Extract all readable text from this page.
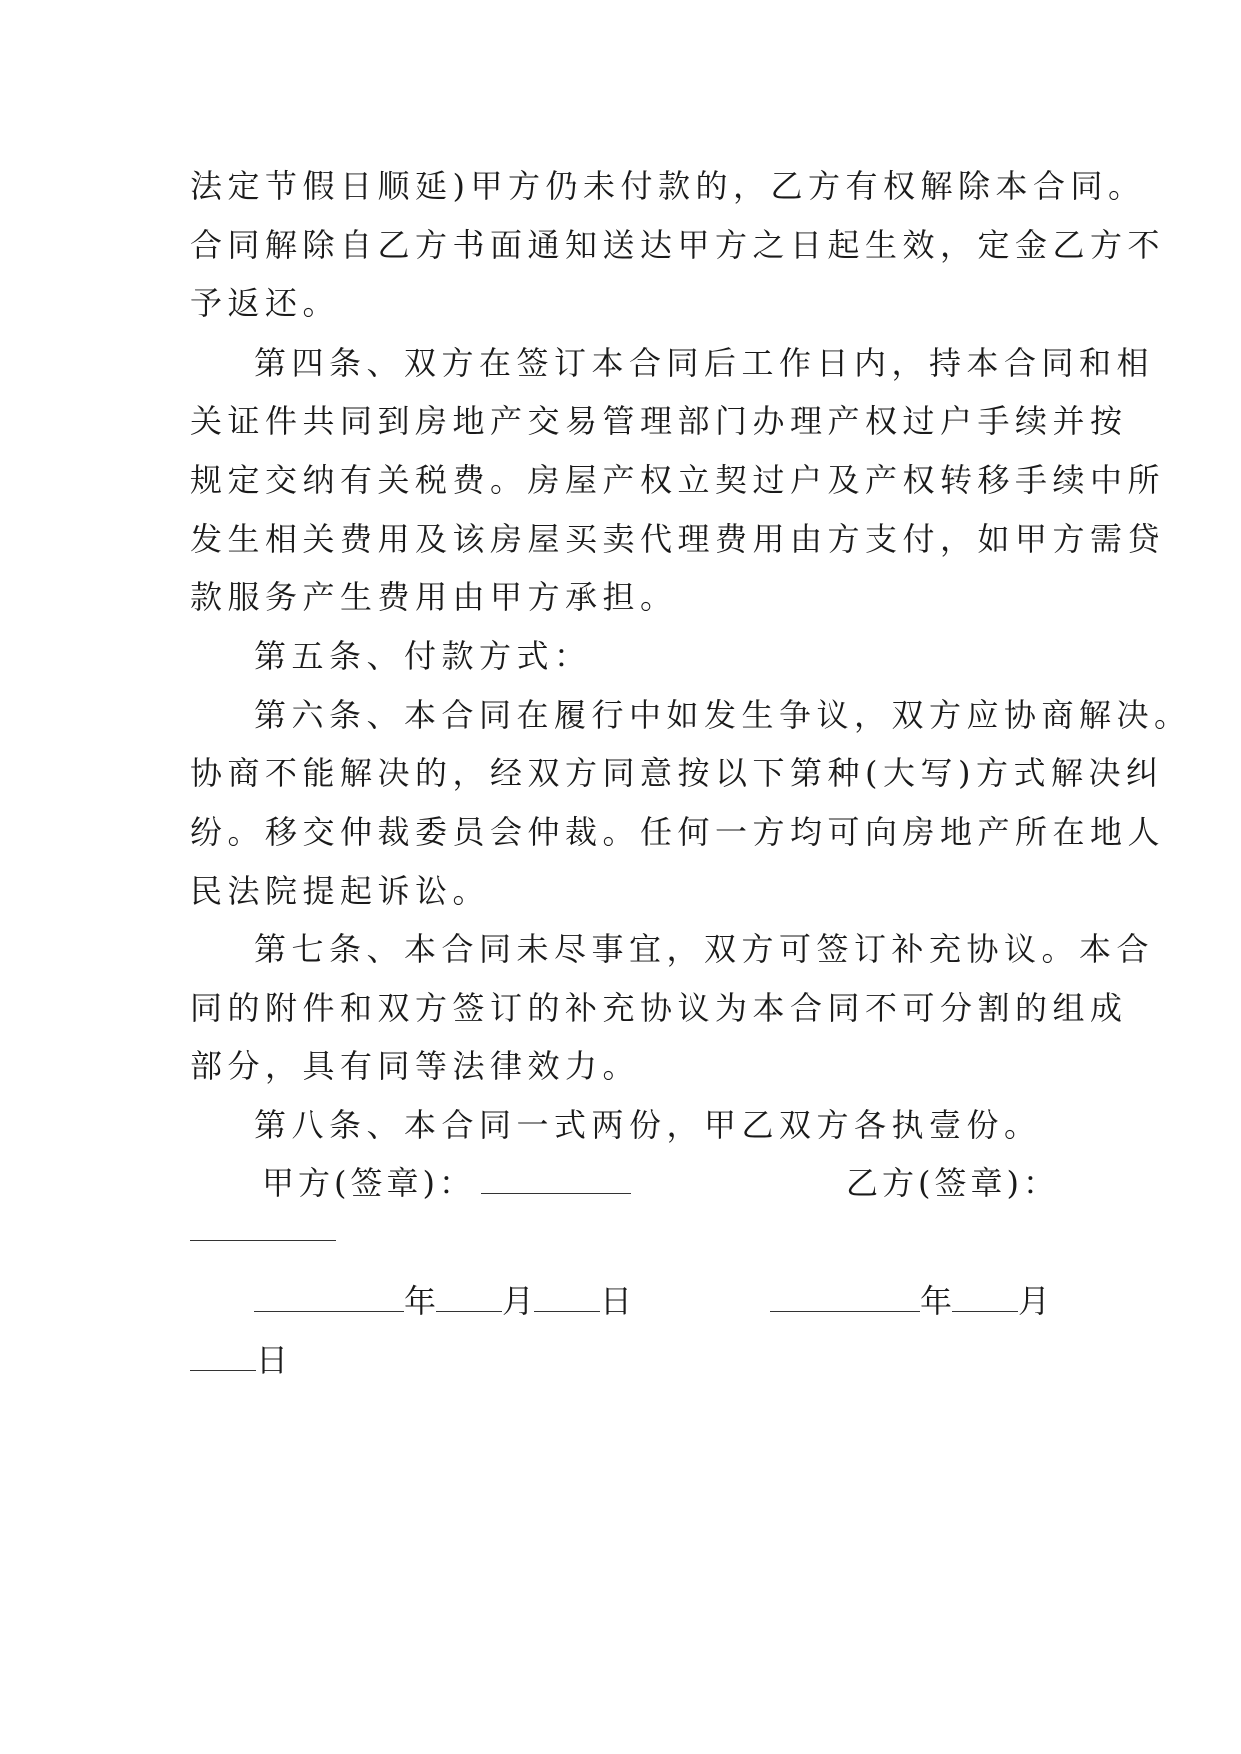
法定节假日顺延)甲方仍未付款的，乙方有权解除本合同。
合同解除自乙方书面通知送达甲方之日起生效，定金乙方不
予返还。
第四条、双方在签订本合同后工作日内，持本合同和相
关证件共同到房地产交易管理部门办理产权过户手续并按
规定交纳有关税费。房屋产权立契过户及产权转移手续中所
发生相关费用及该房屋买卖代理费用由方支付，如甲方需贷
款服务产生费用由甲方承担。
第五条、付款方式：
第六条、本合同在履行中如发生争议，双方应协商解决。
协商不能解决的，经双方同意按以下第种(大写)方式解决纠
纷。移交仲裁委员会仲裁。任何一方均可向房地产所在地人
民法院提起诉讼。
第七条、本合同未尽事宜，双方可签订补充协议。本合
同的附件和双方签订的补充协议为本合同不可分割的组成
部分，具有同等法律效力。
第八条、本合同一式两份，甲乙双方各执壹份。
甲方(签章)：	乙方(签章)：
年 月 日	年 月
日
